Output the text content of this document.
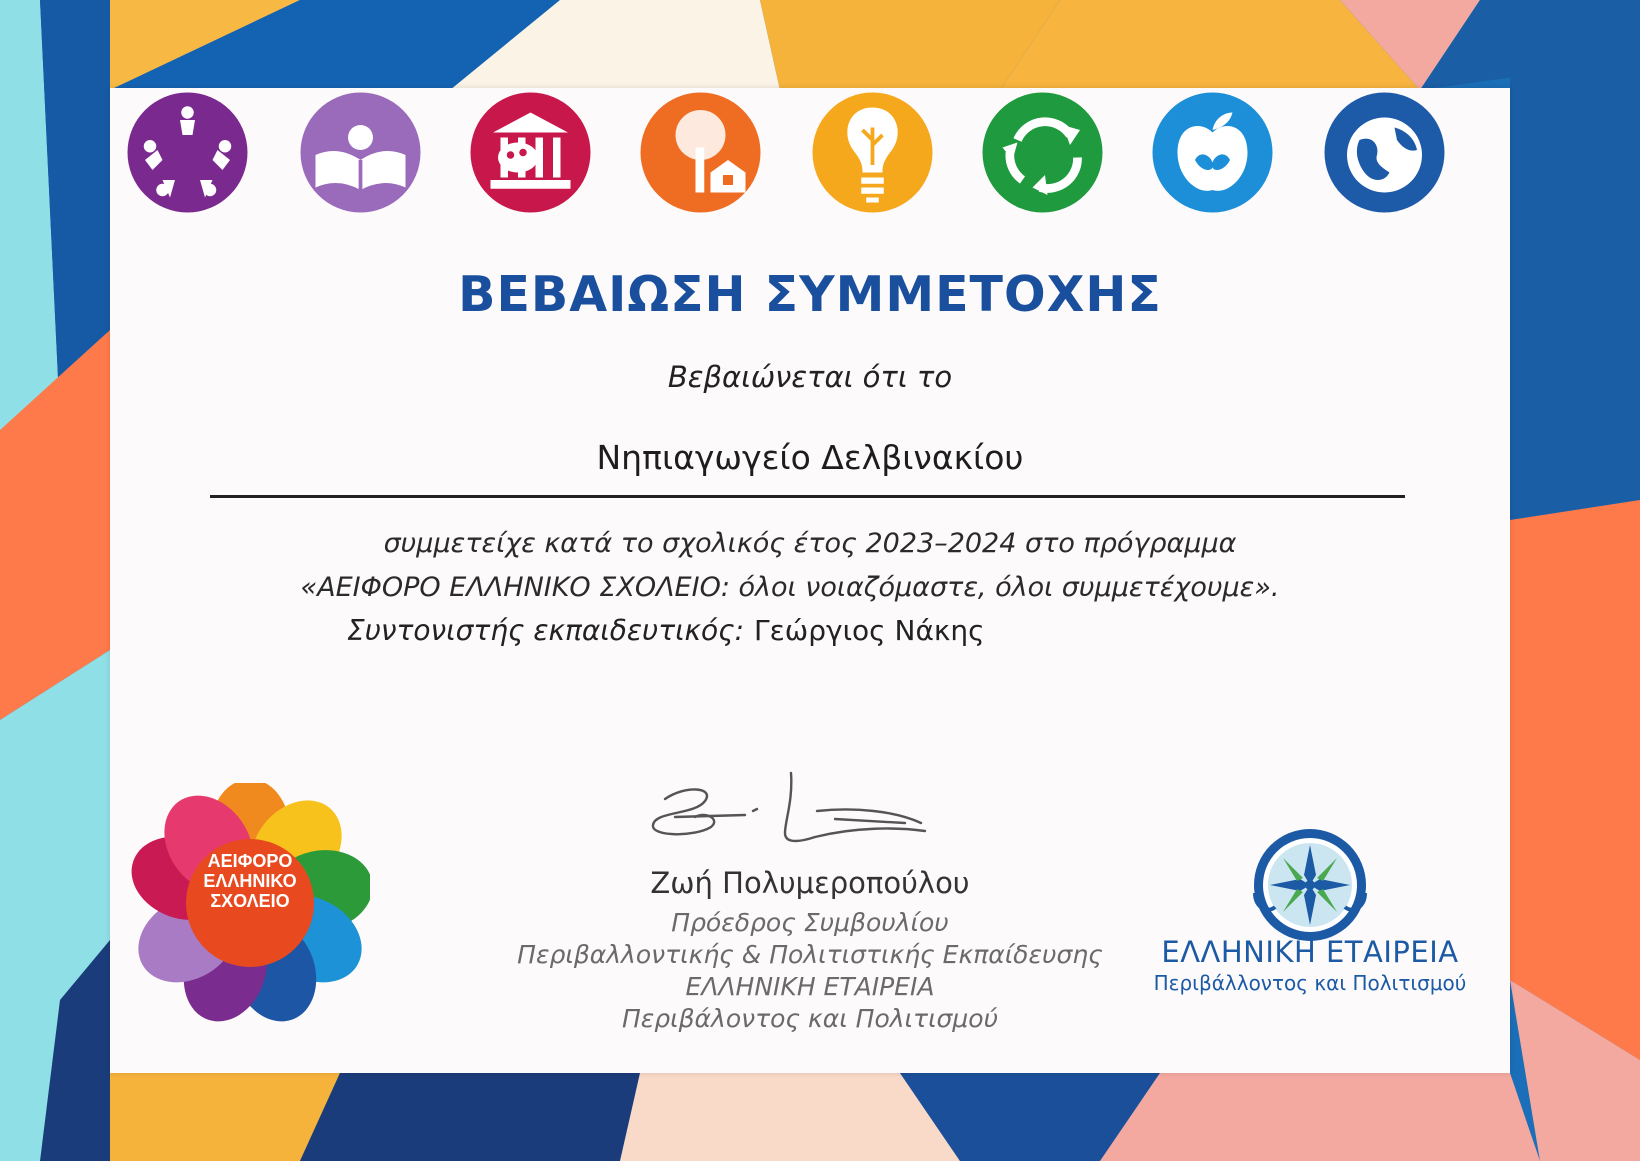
ΒΕΒΑΙΩΣΗ ΣΥΜΜΕΤΟΧΗΣ
Βεβαιώνεται ότι το
Νηπιαγωγείο Δελβινακίου
συμμετείχε κατά το σχολικός έτος 2023–2024 στο πρόγραμμα
«ΑΕΙΦΟΡΟ ΕΛΛΗΝΙΚΟ ΣΧΟΛΕΙΟ: όλοι νοιαζόμαστε, όλοι συμμετέχουμε».
Συντονιστής εκπαιδευτικός: Γεώργιος Νάκης
Ζωή Πολυμεροπούλου
Πρόεδρος Συμβουλίου
Περιβαλλοντικής & Πολιτιστικής Εκπαίδευσης
ΕΛΛΗΝΙΚΗ ΕΤΑΙΡΕΙΑ
Περιβάλοντος και Πολιτισμού
ΑΕΙΦΟΡΟ
ΕΛΛΗΝΙΚΟ
ΣΧΟΛΕΙΟ
ΕΛΛΗΝΙΚΗ ΕΤΑΙΡΕΙΑ
Περιβάλλοντος και Πολιτισμού
